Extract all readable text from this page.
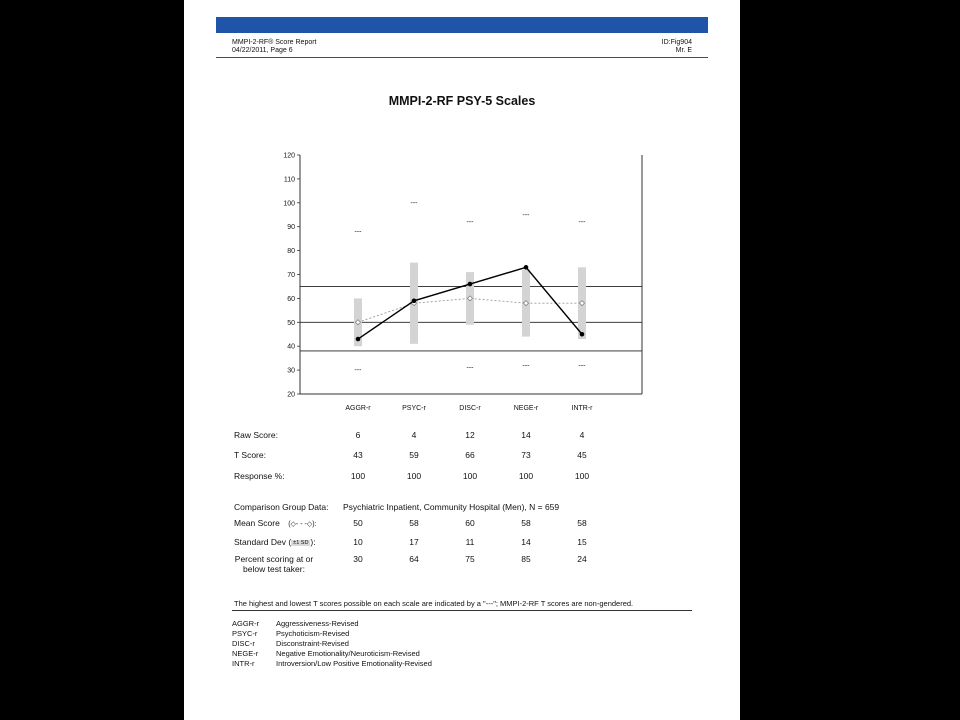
MMPI-2-RF® Score Report
04/22/2011, Page 6
ID:Fig904
Mr. E
MMPI-2-RF PSY-5 Scales
20
30
40
50
60
70
80
90
100
110
120
---
---
---
---
---
---	---	---	---
AGGR-r	PSYC-r	DISC-r	NEGE-r	INTR-r
Raw Score:	6	4	12	14	4
T Score:	43	59	66	73	45
Response %:	100	100	100	100	100
Comparison Group Data: Psychiatric Inpatient, Community Hospital (Men), N = 659
Mean Score (◇- - -◇):	50	58	60	58	58
Standard Dev ( ±1 SD ):	10	17	11	14	15
Percent scoring at or
below test taker:
30	64	75	85	24
The highest and lowest T scores possible on each scale are indicated by a "---"; MMPI-2-RF T scores are non-gendered.
AGGR-r Aggressiveness-Revised
PSYC-r Psychoticism-Revised
DISC-r	Disconstraint-Revised
NEGE-r Negative Emotionality/Neuroticism-Revised
INTR-r	Introversion/Low Positive Emotionality-Revised
